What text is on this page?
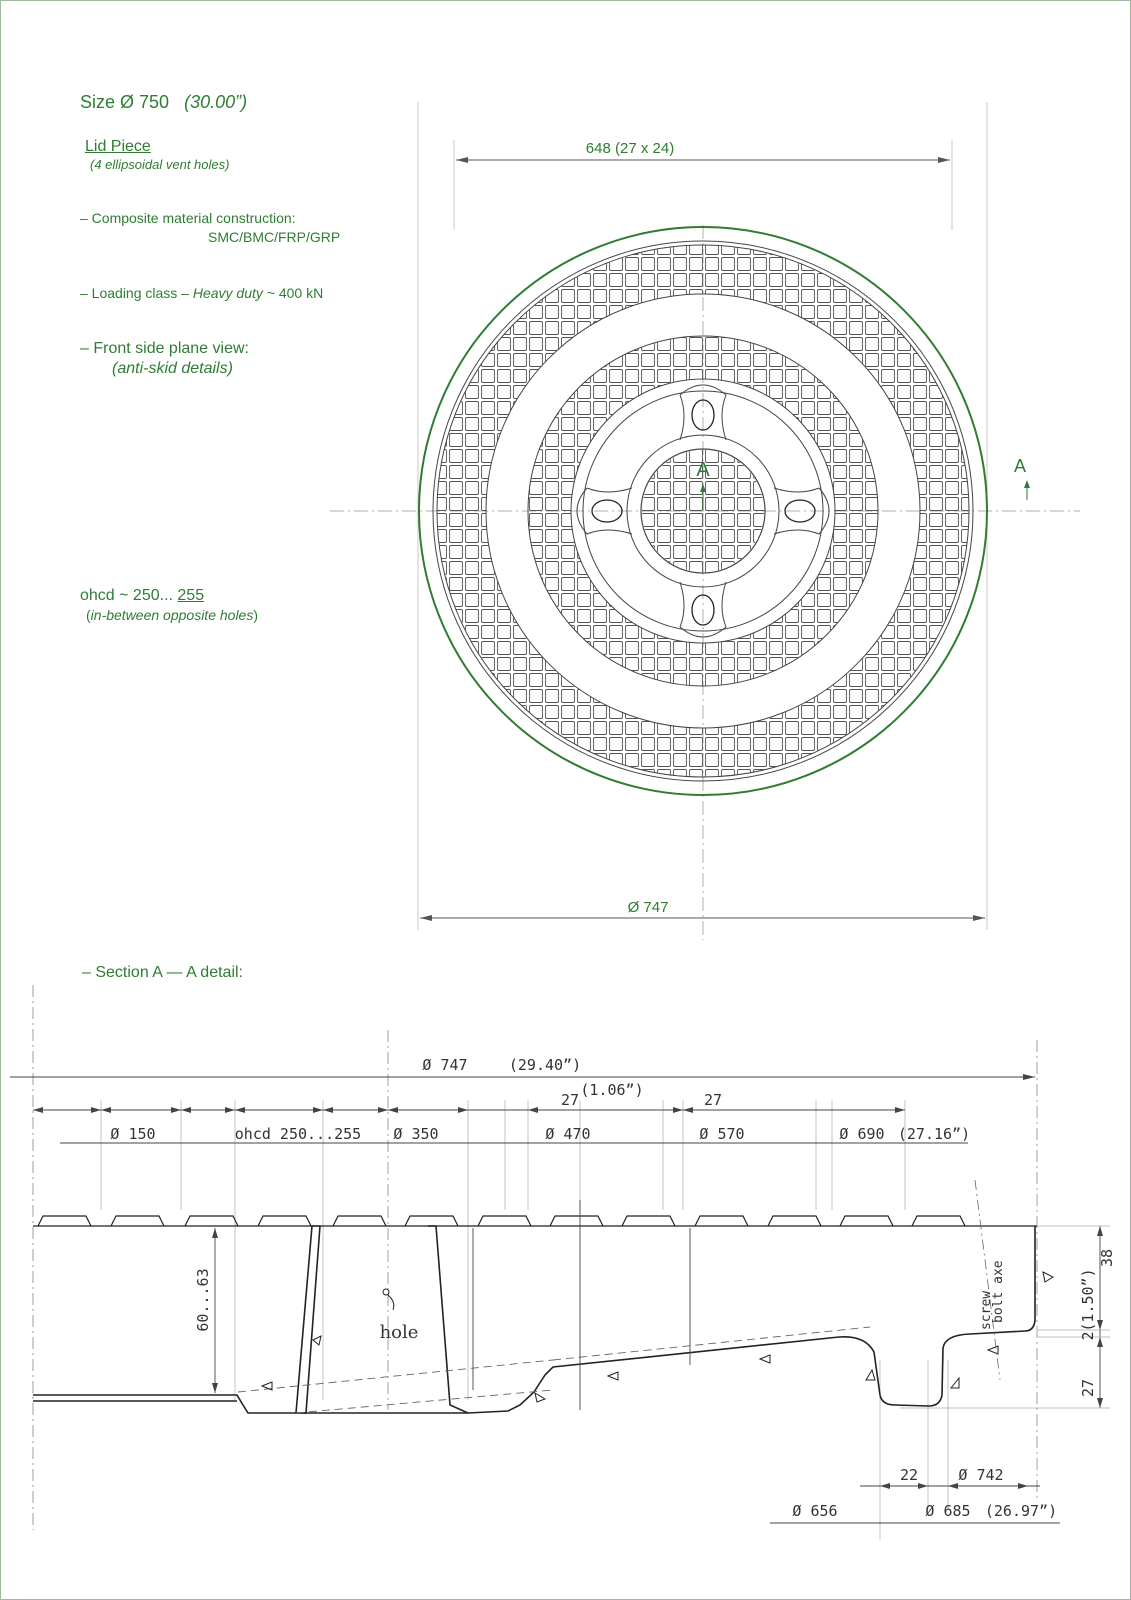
Size Ø 750 (30.00”)
Lid Piece
(4 ellipsoidal vent holes)
– Composite material construction:
SMC/BMC/FRP/GRP
– Loading class – Heavy duty ~ 400 kN
– Front side plane view:
(anti-skid details)
ohcd ~ 250... 255
(in-between opposite holes)
– Section A — A detail:
648 (27 x 24)
Ø 747
A
A
Ø 747	(29.40”)
27
(1.06”)
27
Ø 150	ohcd 250...255 Ø 350	Ø 470	Ø 570	Ø 690 (27.16”)
60...63
hole
screw
bolt axe
38
(1.50”)
2
27
22	Ø 742
Ø 656	Ø 685 (26.97”)
